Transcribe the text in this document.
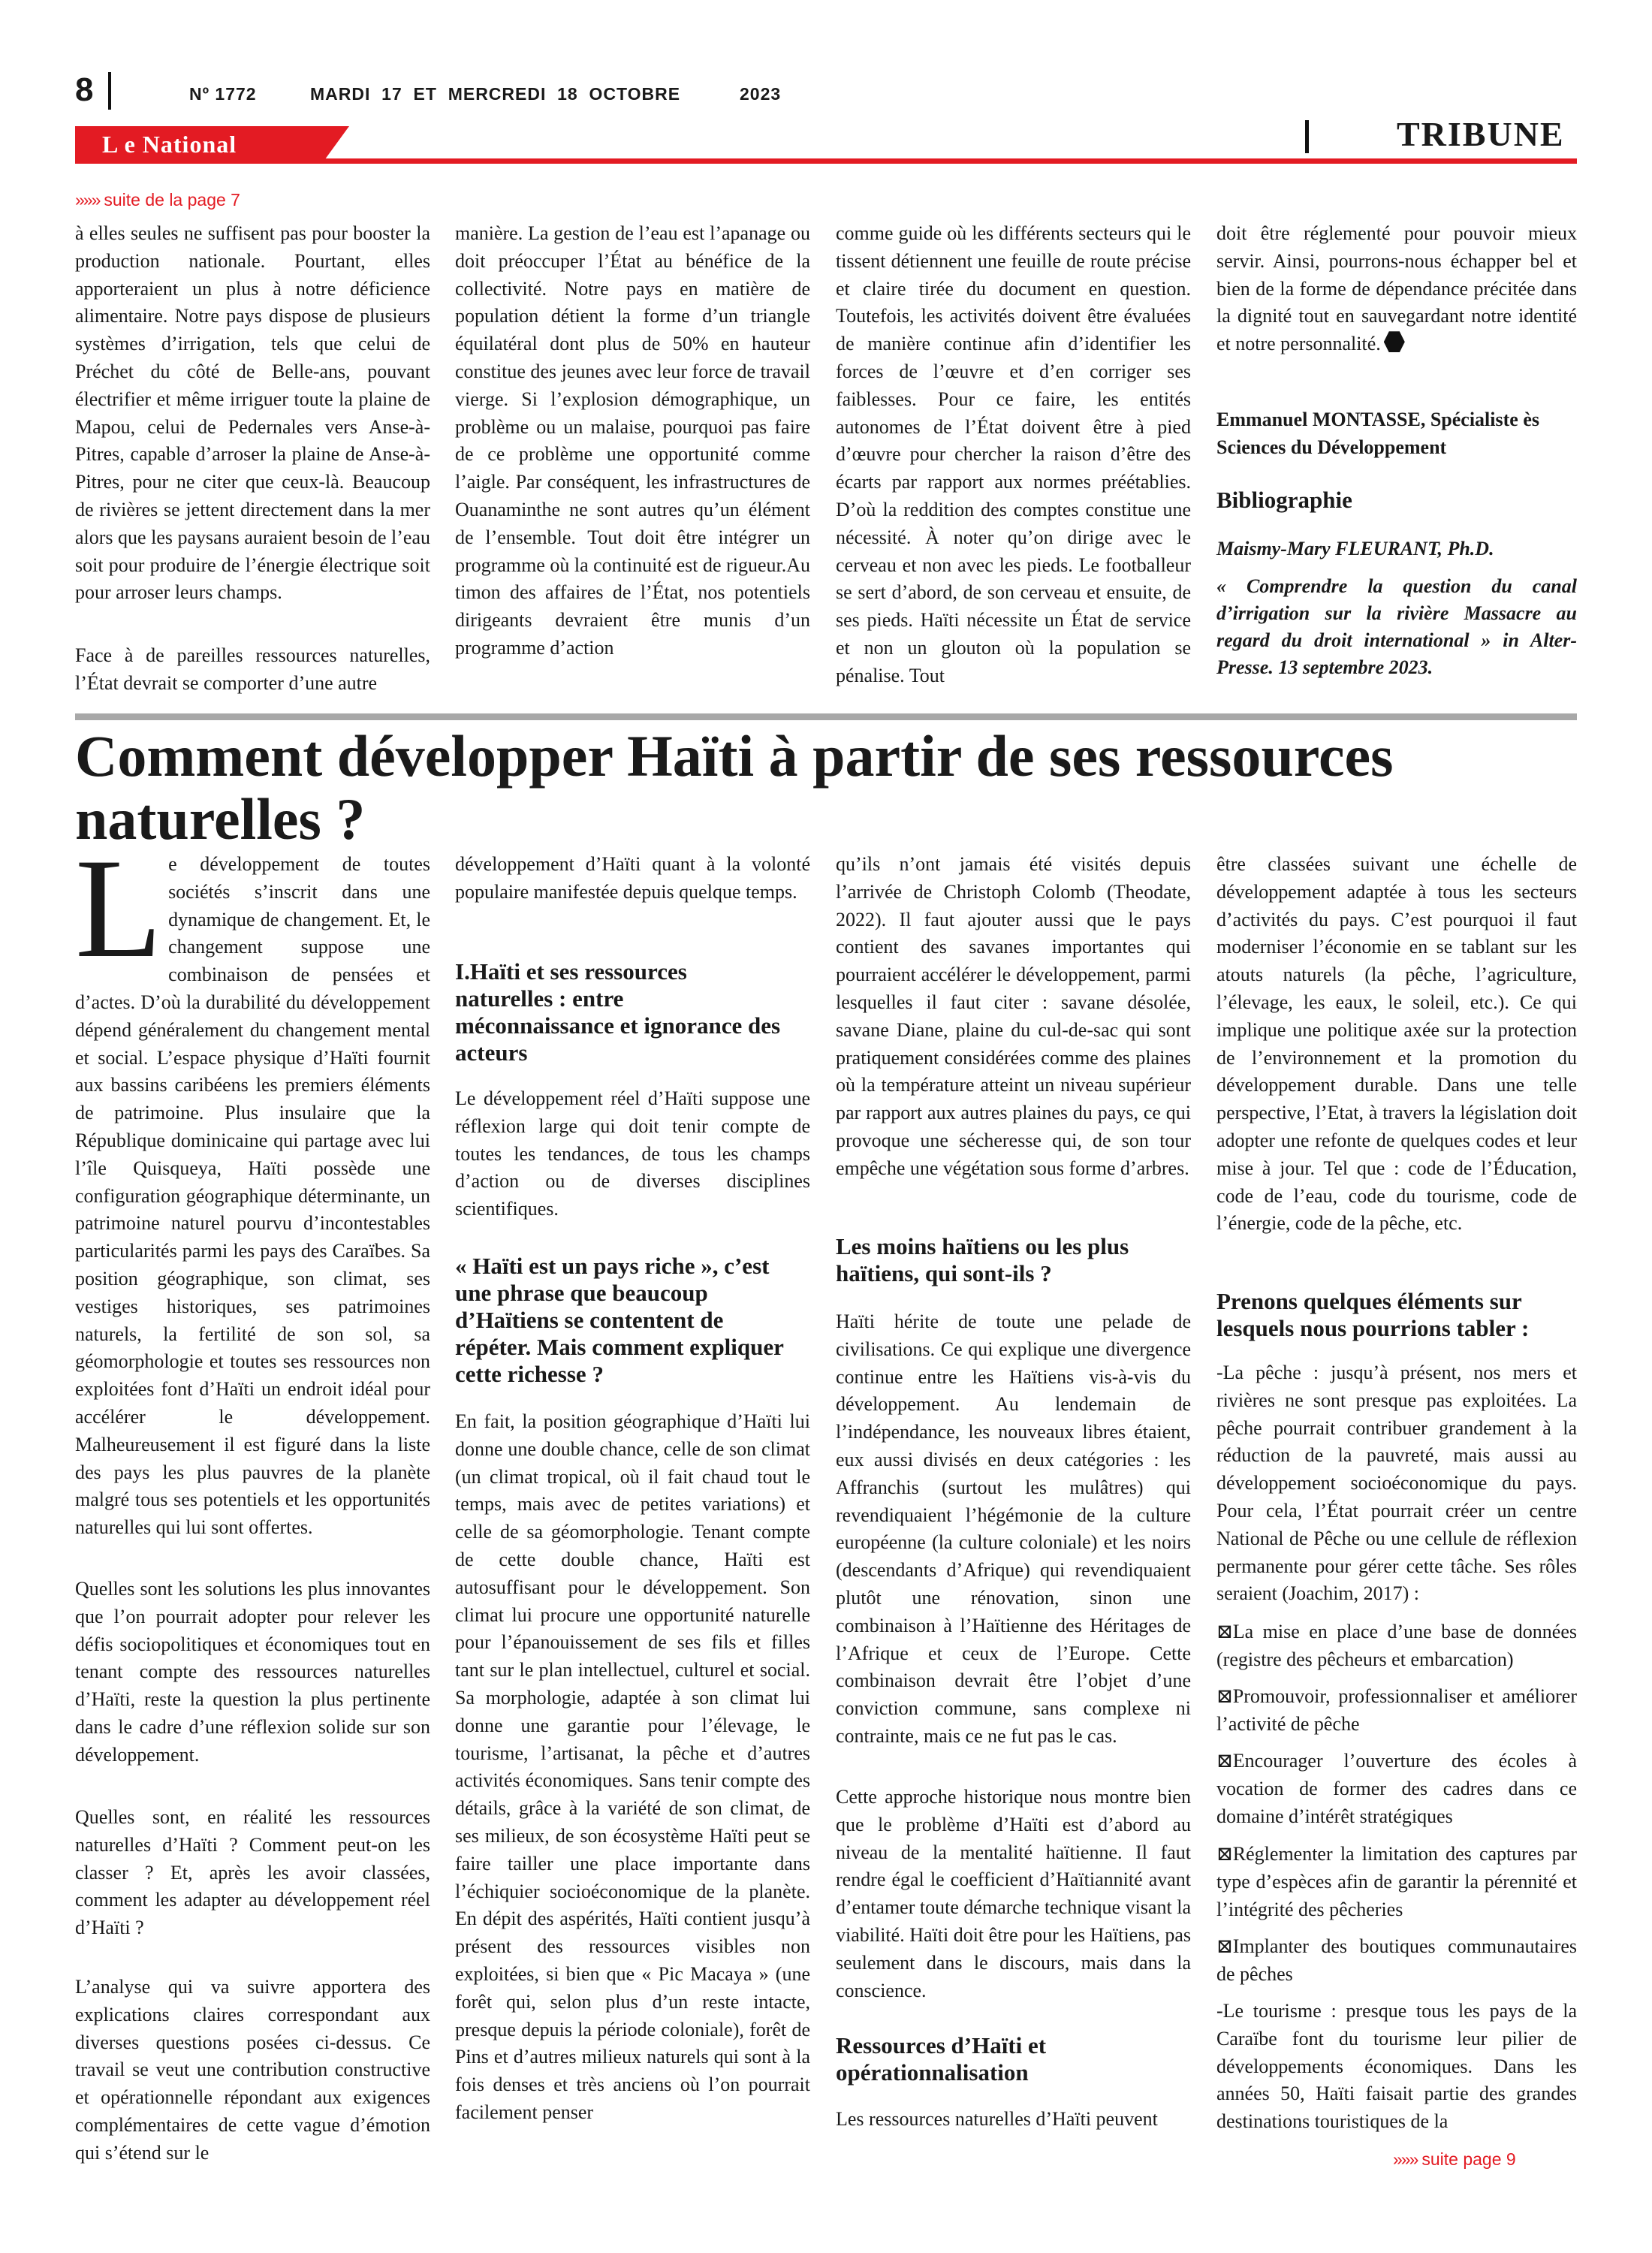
8	Nº 1772	MARDI  17  ET  MERCREDI  18  OCTOBRE	2023
L e National	TRIBUNE
»»» suite de la page 7

à elles seules ne suffisent pas pour booster la production nationale. Pourtant, elles apporteraient un plus à notre déficience alimentaire. Notre pays dispose de plusieurs systèmes d’irrigation, tels que celui de Préchet du côté de Belle-ans, pouvant électrifier et même irriguer toute la plaine de Mapou, celui de Pedernales vers Anse-à-Pitres, capable d’arroser la plaine de Anse-à-Pitres, pour ne citer que ceux-là. Beaucoup de rivières se jettent directement dans la mer alors que les paysans auraient besoin de l’eau soit pour produire de l’énergie électrique soit pour arroser leurs champs.

Face à de pareilles ressources naturelles, l’État devrait se comporter d’une autre

manière. La gestion de l’eau est l’apanage ou doit préoccuper l’État au bénéfice de la collectivité. Notre pays en matière de population détient la forme d’un triangle équilatéral dont plus de 50% en hauteur constitue des jeunes avec leur force de travail vierge. Si l’explosion démographique, un problème ou un malaise, pourquoi pas faire de ce problème une opportunité comme l’aigle. Par conséquent, les infrastructures de Ouanaminthe ne sont autres qu’un élément de l’ensemble. Tout doit être intégrer un programme où la continuité est de rigueur.Au timon des affaires de l’État, nos potentiels dirigeants devraient être munis d’un programme d’action

comme guide où les différents secteurs qui le tissent détiennent une feuille de route précise et claire tirée du document en question. Toutefois, les activités doivent être évaluées de manière continue afin d’identifier les forces de l’œuvre et d’en corriger ses faiblesses. Pour ce faire, les entités autonomes de l’État doivent être à pied d’œuvre pour chercher la raison d’être des écarts par rapport aux normes préétablies. D’où la reddition des comptes constitue une nécessité. À noter qu’on dirige avec le cerveau et non avec les pieds. Le footballeur se sert d’abord, de son cerveau et ensuite, de ses pieds. Haïti nécessite un État de service et non un glouton où la population se pénalise. Tout

doit être réglementé pour pouvoir mieux servir. Ainsi, pourrons-nous échapper bel et bien de la forme de dépendance précitée dans la dignité tout en sauvegardant notre identité et notre personnalité.

Emmanuel MONTASSE, Spécialiste ès Sciences du Développement

Bibliographie

Maismy-Mary FLEURANT, Ph.D.

« Comprendre la question du canal d’irrigation sur la rivière Massacre au regard du droit international » in Alter-Presse. 13 septembre 2023.

Comment développer Haïti à partir de ses ressources naturelles ?

Le développement de toutes sociétés s’inscrit dans une dynamique de changement. Et, le changement suppose une combinaison de pensées et d’actes. D’où la durabilité du développement dépend généralement du changement mental et social. L’espace physique d’Haïti fournit aux bassins caribéens les premiers éléments de patrimoine. Plus insulaire que la République dominicaine qui partage avec lui l’île Quisqueya, Haïti possède une configuration géographique déterminante, un patrimoine naturel pourvu d’incontestables particularités parmi les pays des Caraïbes. Sa position géographique, son climat, ses vestiges historiques, ses patrimoines naturels, la fertilité de son sol, sa géomorphologie et toutes ses ressources non exploitées font d’Haïti un endroit idéal pour accélérer le développement. Malheureusement il est figuré dans la liste des pays les plus pauvres de la planète malgré tous ses potentiels et les opportunités naturelles qui lui sont offertes.

Quelles sont les solutions les plus innovantes que l’on pourrait adopter pour relever les défis sociopolitiques et économiques tout en tenant compte des ressources naturelles d’Haïti, reste la question la plus pertinente dans le cadre d’une réflexion solide sur son développement.

Quelles sont, en réalité les ressources naturelles d’Haïti ? Comment peut-on les classer ? Et, après les avoir classées, comment les adapter au développement réel d’Haïti ?

L’analyse qui va suivre apportera des explications claires correspondant aux diverses questions posées ci-dessus. Ce travail se veut une contribution constructive et opérationnelle répondant aux exigences complémentaires de cette vague d’émotion qui s’étend sur le

développement d’Haïti quant à la volonté populaire manifestée depuis quelque temps.

I.Haïti et ses ressources naturelles : entre méconnaissance et ignorance des acteurs

Le développement réel d’Haïti suppose une réflexion large qui doit tenir compte de toutes les tendances, de tous les champs d’action ou de diverses disciplines scientifiques.

« Haïti est un pays riche », c’est une phrase que beaucoup d’Haïtiens se contentent de répéter. Mais comment expliquer cette richesse ?

En fait, la position géographique d’Haïti lui donne une double chance, celle de son climat (un climat tropical, où il fait chaud tout le temps, mais avec de petites variations) et celle de sa géomorphologie. Tenant compte de cette double chance, Haïti est autosuffisant pour le développement. Son climat lui procure une opportunité naturelle pour l’épanouissement de ses fils et filles tant sur le plan intellectuel, culturel et social. Sa morphologie, adaptée à son climat lui donne une garantie pour l’élevage, le tourisme, l’artisanat, la pêche et d’autres activités économiques. Sans tenir compte des détails, grâce à la variété de son climat, de ses milieux, de son écosystème Haïti peut se faire tailler une place importante dans l’échiquier socioéconomique de la planète. En dépit des aspérités, Haïti contient jusqu’à présent des ressources visibles non exploitées, si bien que « Pic Macaya » (une forêt qui, selon plus d’un reste intacte, presque depuis la période coloniale), forêt de Pins et d’autres milieux naturels qui sont à la fois denses et très anciens où l’on pourrait facilement penser

qu’ils n’ont jamais été visités depuis l’arrivée de Christoph Colomb (Theodate, 2022). Il faut ajouter aussi que le pays contient des savanes importantes qui pourraient accélérer le développement, parmi lesquelles il faut citer : savane désolée, savane Diane, plaine du cul-de-sac qui sont pratiquement considérées comme des plaines où la température atteint un niveau supérieur par rapport aux autres plaines du pays, ce qui provoque une sécheresse qui, de son tour empêche une végétation sous forme d’arbres.

Les moins haïtiens ou les plus haïtiens, qui sont-ils ?

Haïti hérite de toute une pelade de civilisations. Ce qui explique une divergence continue entre les Haïtiens vis-à-vis du développement. Au lendemain de l’indépendance, les nouveaux libres étaient, eux aussi divisés en deux catégories : les Affranchis (surtout les mulâtres) qui revendiquaient l’hégémonie de la culture européenne (la culture coloniale) et les noirs (descendants d’Afrique) qui revendiquaient plutôt une rénovation, sinon une combinaison à l’Haïtienne des Héritages de l’Afrique et ceux de l’Europe. Cette combinaison devrait être l’objet d’une conviction commune, sans complexe ni contrainte, mais ce ne fut pas le cas.

Cette approche historique nous montre bien que le problème d’Haïti est d’abord au niveau de la mentalité haïtienne. Il faut rendre égal le coefficient d’Haïtiannité avant d’entamer toute démarche technique visant la viabilité. Haïti doit être pour les Haïtiens, pas seulement dans le discours, mais dans la conscience.

Ressources d’Haïti et opérationnalisation

Les ressources naturelles d’Haïti peuvent

être classées suivant une échelle de développement adaptée à tous les secteurs d’activités du pays. C’est pourquoi il faut moderniser l’économie en se tablant sur les atouts naturels (la pêche, l’agriculture, l’élevage, les eaux, le soleil, etc.). Ce qui implique une politique axée sur la protection de l’environnement et la promotion du développement durable. Dans une telle perspective, l’Etat, à travers la législation doit adopter une refonte de quelques codes et leur mise à jour. Tel que : code de l’Éducation, code de l’eau, code du tourisme, code de l’énergie, code de la pêche, etc.

Prenons quelques éléments sur lesquels nous pourrions tabler :

-La pêche : jusqu’à présent, nos mers et rivières ne sont presque pas exploitées. La pêche pourrait contribuer grandement à la réduction de la pauvreté, mais aussi au développement socioéconomique du pays. Pour cela, l’État pourrait créer un centre National de Pêche ou une cellule de réflexion permanente pour gérer cette tâche. Ses rôles seraient (Joachim, 2017) :

⊠La mise en place d’une base de données (registre des pêcheurs et embarcation)

⊠Promouvoir, professionnaliser et améliorer l’activité de pêche

⊠Encourager l’ouverture des écoles à vocation de former des cadres dans ce domaine d’intérêt stratégiques

⊠Réglementer la limitation des captures par type d’espèces afin de garantir la pérennité et l’intégrité des pêcheries

⊠Implanter des boutiques communautaires de pêches

-Le tourisme : presque tous les pays de la Caraïbe font du tourisme leur pilier de développements économiques. Dans les années 50, Haïti faisait partie des grandes destinations touristiques de la

»»» suite page 9
